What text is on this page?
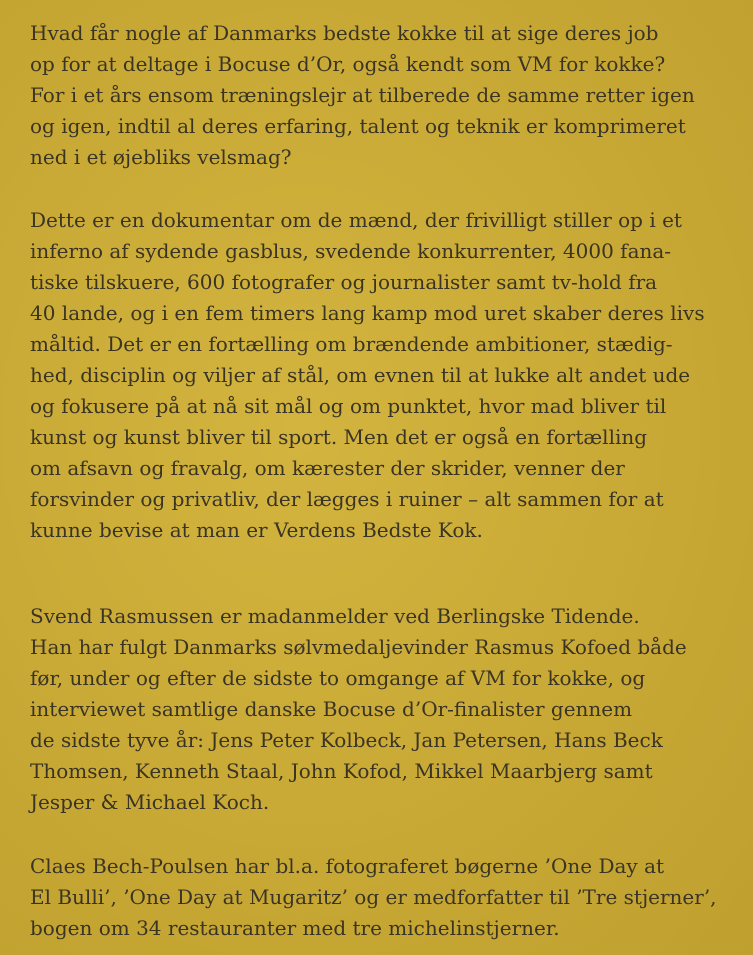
Hvad får nogle af Danmarks bedste kokke til at sige deres job
op for at deltage i Bocuse d’Or, også kendt som VM for kokke?
For i et års ensom træningslejr at tilberede de samme retter igen
og igen, indtil al deres erfaring, talent og teknik er komprimeret
ned i et øjebliks velsmag?
Dette er en dokumentar om de mænd, der frivilligt stiller op i et
inferno af sydende gasblus, svedende konkurrenter, 4000 fana-
tiske tilskuere, 600 fotografer og journalister samt tv-hold fra
40 lande, og i en fem timers lang kamp mod uret skaber deres livs
måltid. Det er en fortælling om brændende ambitioner, stædig-
hed, disciplin og viljer af stål, om evnen til at lukke alt andet ude
og fokusere på at nå sit mål og om punktet, hvor mad bliver til
kunst og kunst bliver til sport. Men det er også en fortælling
om afsavn og fravalg, om kærester der skrider, venner der
forsvinder og privatliv, der lægges i ruiner – alt sammen for at
kunne bevise at man er Verdens Bedste Kok.
Svend Rasmussen er madanmelder ved Berlingske Tidende.
Han har fulgt Danmarks sølvmedaljevinder Rasmus Kofoed både
før, under og efter de sidste to omgange af VM for kokke, og
interviewet samtlige danske Bocuse d’Or-finalister gennem
de sidste tyve år: Jens Peter Kolbeck, Jan Petersen, Hans Beck
Thomsen, Kenneth Staal, John Kofod, Mikkel Maarbjerg samt
Jesper & Michael Koch.
Claes Bech-Poulsen har bl.a. fotograferet bøgerne ’One Day at
El Bulli’, ’One Day at Mugaritz’ og er medforfatter til ’Tre stjerner’,
bogen om 34 restauranter med tre michelinstjerner.
